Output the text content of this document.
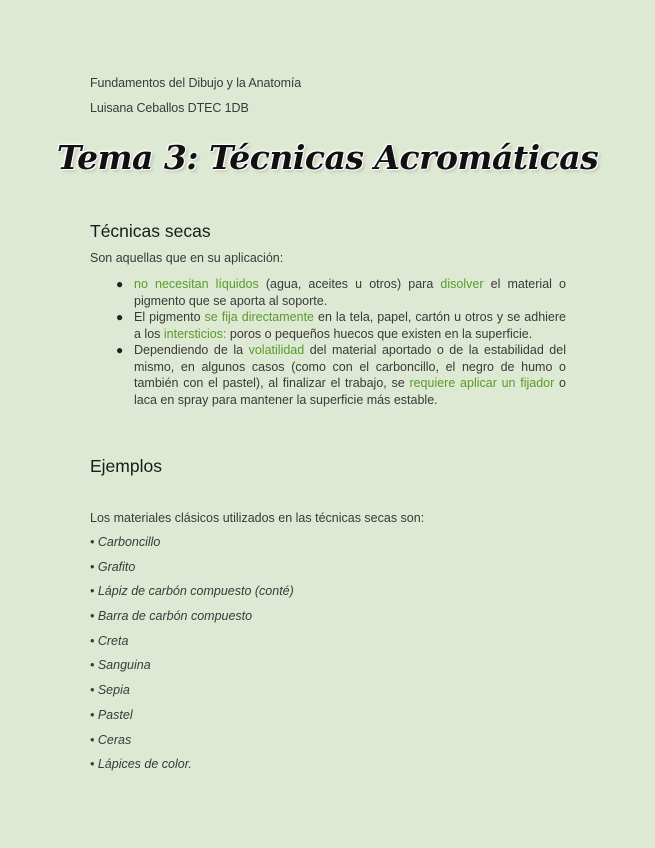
Fundamentos del Dibujo y la Anatomía
Luisana Ceballos DTEC 1DB
Tema 3: Técnicas Acromáticas
Técnicas secas
Son aquellas que en su aplicación:
● no necesitan líquidos (agua, aceites u otros) para disolver el material o pigmento que se aporta al soporte.
● El pigmento se fija directamente en la tela, papel, cartón u otros y se adhiere a los intersticios: poros o pequeños huecos que existen en la superficie.
● Dependiendo de la volatilidad del material aportado o de la estabilidad del mismo, en algunos casos (como con el carboncillo, el negro de humo o también con el pastel), al finalizar el trabajo, se requiere aplicar un fijador o laca en spray para mantener la superficie más estable.
Ejemplos
Los materiales clásicos utilizados en las técnicas secas son:
• Carboncillo
• Grafito
• Lápiz de carbón compuesto (conté)
• Barra de carbón compuesto
• Creta
• Sanguina
• Sepia
• Pastel
• Ceras
• Lápices de color.
